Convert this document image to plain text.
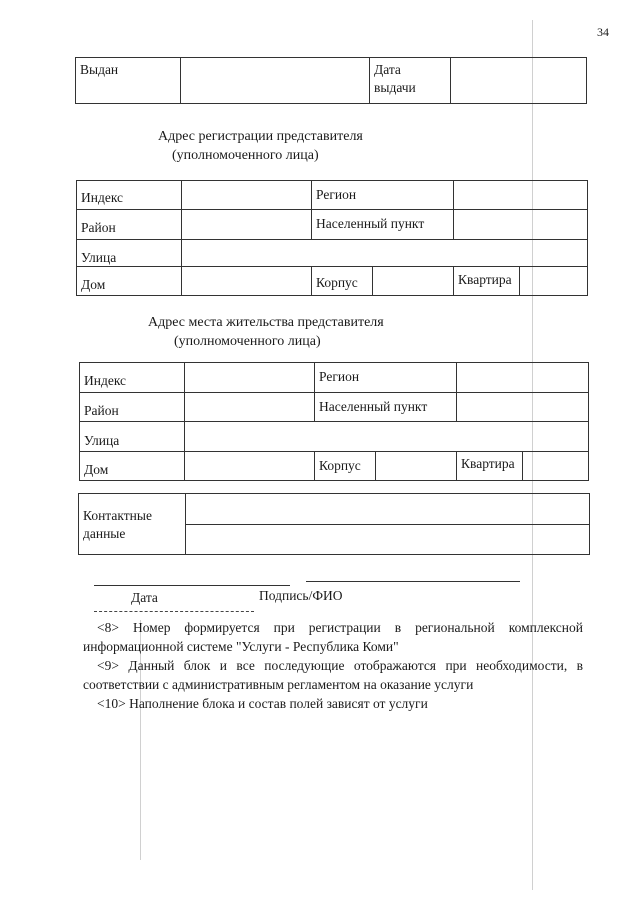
34
Выдан	Дата выдачи
Адрес регистрации представителя
(уполномоченного лица)
Индекс	Регион
Район	Населенный пункт
Улица
Дом	Корпус	Квартира
Адрес места жительства представителя
(уполномоченного лица)
Индекс	Регион
Район	Населенный пункт
Улица
Дом	Корпус	Квартира
Контактные данные
Дата	Подпись/ФИО

<8> Номер формируется при регистрации в региональной комплексной информационной системе "Услуги - Республика Коми"

<9> Данный блок и все последующие отображаются при необходимости, в соответствии с административным регламентом на оказание услуги

<10> Наполнение блока и состав полей зависят от услуги
